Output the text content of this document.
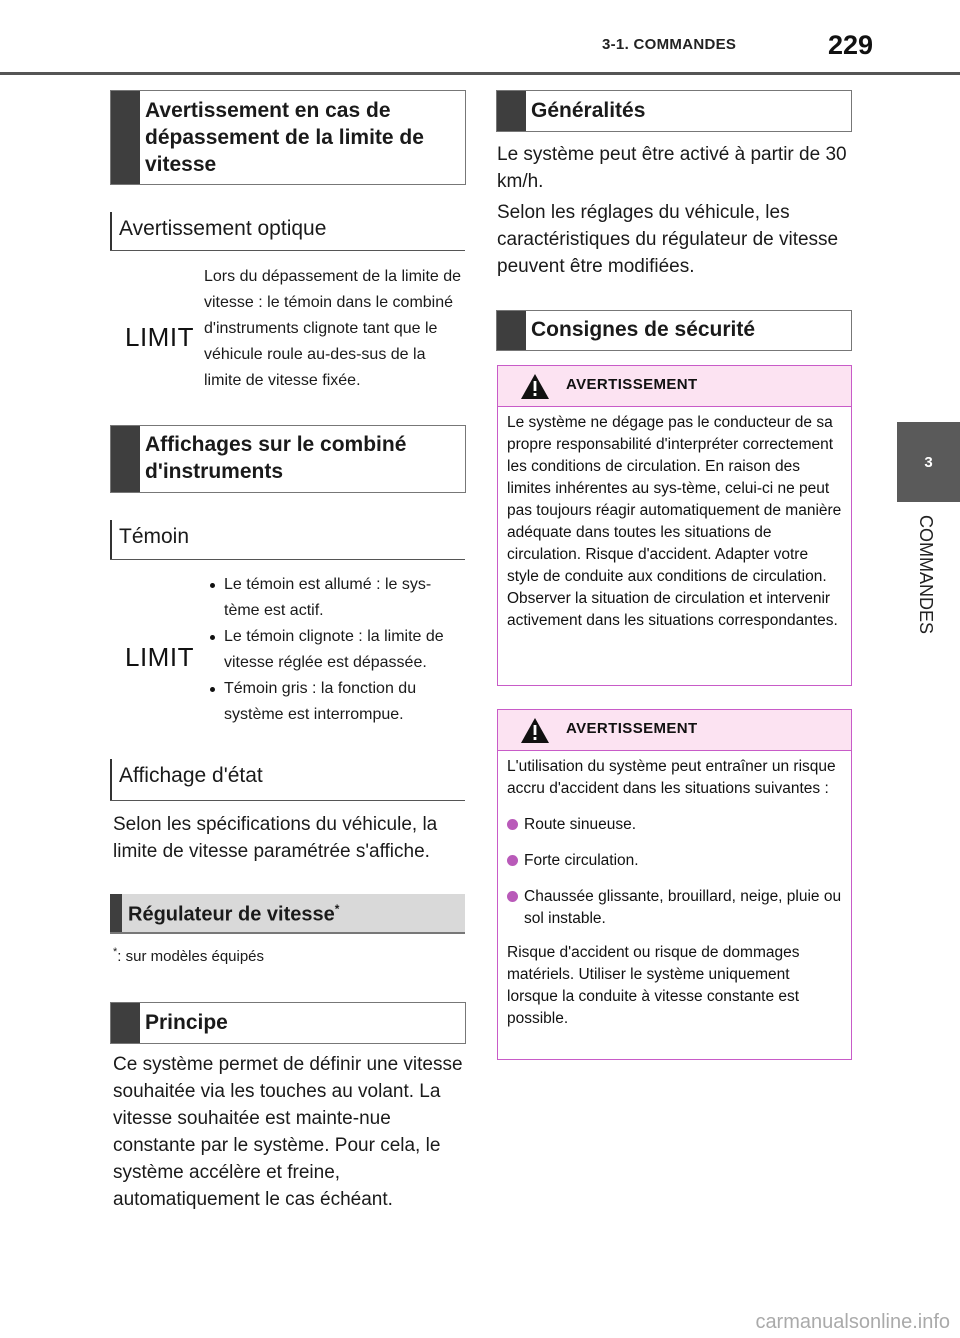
3-1. COMMANDES	229
3
COMMANDES
Avertissement en cas de dépassement de la limite de vitesse
Avertissement optique
LIMIT
Lors du dépassement de la limite de vitesse : le témoin dans le combiné d'instruments clignote tant que le véhicule roule au-des-sus de la limite de vitesse fixée.
Affichages sur le combiné d'instruments
Témoin
LIMIT
Le témoin est allumé : le sys-tème est actif.
Le témoin clignote : la limite de vitesse réglée est dépassée.
Témoin gris : la fonction du système est interrompue.
Affichage d'état
Selon les spécifications du véhicule, la limite de vitesse paramétrée s'affiche.
Régulateur de vitesse*
*: sur modèles équipés
Principe
Ce système permet de définir une vitesse souhaitée via les touches au volant. La vitesse souhaitée est mainte-nue constante par le système. Pour cela, le système accélère et freine, automatiquement le cas échéant.
Généralités
Le système peut être activé à partir de 30 km/h.
Selon les réglages du véhicule, les caractéristiques du régulateur de vitesse peuvent être modifiées.
Consignes de sécurité
AVERTISSEMENT
Le système ne dégage pas le conducteur de sa propre responsabilité d'interpréter correctement les conditions de circulation. En raison des limites inhérentes au sys-tème, celui-ci ne peut pas toujours réagir automatiquement de manière adéquate dans toutes les situations de circulation. Risque d'accident. Adapter votre style de conduite aux conditions de circulation. Observer la situation de circulation et intervenir activement dans les situations correspondantes.
AVERTISSEMENT
L'utilisation du système peut entraîner un risque accru d'accident dans les situations suivantes :
Route sinueuse.
Forte circulation.
Chaussée glissante, brouillard, neige, pluie ou sol instable.
Risque d'accident ou risque de dommages matériels. Utiliser le système uniquement lorsque la conduite à vitesse constante est possible.
carmanualsonline.info
